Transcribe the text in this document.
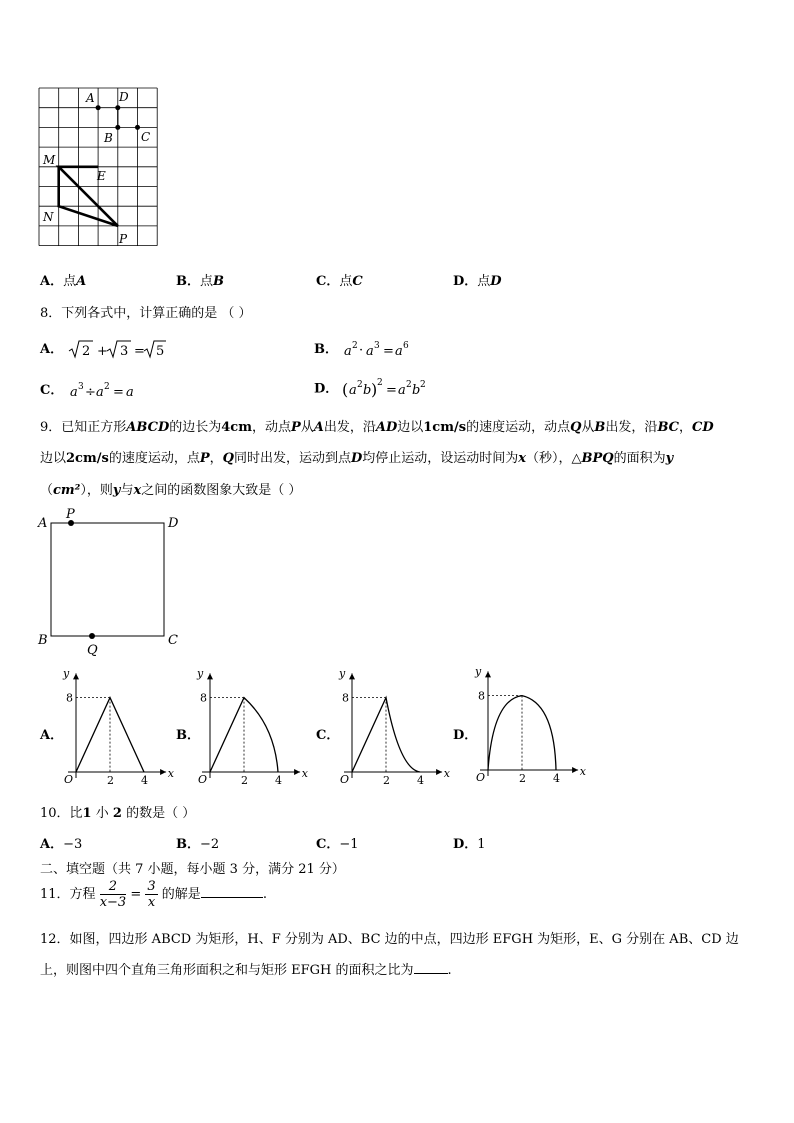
A D
B C
M
E
N
P
A．点A	B．点B	C．点C	D．点D
8．下列各式中，计算正确的是 （ ）
A． 2 + 3 = 5	B． a 2 · a 3 = a 6
C． a 3 ÷ a 2 = a	D． ( a 2 b ) 2 = a 2 b 2
9．已知正方形ABCD的边长为4cm，动点P从A出发，沿AD边以1cm/s的速度运动，动点Q从B出发，沿BC，CD
边以2cm/s的速度运动，点P，Q同时出发，运动到点D均停止运动，设运动时间为x（秒），△BPQ的面积为y
（cm²），则y与x之间的函数图象大致是（ ）
A
P
D
B
Q
C
A．	B．	C．	D．
y
x
O
8
2 4
y
x
O
8
2 4
y
x
O
8
2 4
y
x
O
8
2 4
10．比1 小 2 的数是（ ）
A．−3	B．−2	C．−1	D．1
二、填空题（共 7 小题，每小题 3 分，满分 21 分）
11．方程 $\frac{2}{x-3} = \frac{3}{x}$ 的解是	.
12．如图，四边形 ABCD 为矩形，H、F 分别为 AD、BC 边的中点，四边形 EFGH 为矩形，E、G 分别在 AB、CD 边
上，则图中四个直角三角形面积之和与矩形 EFGH 的面积之比为	.
